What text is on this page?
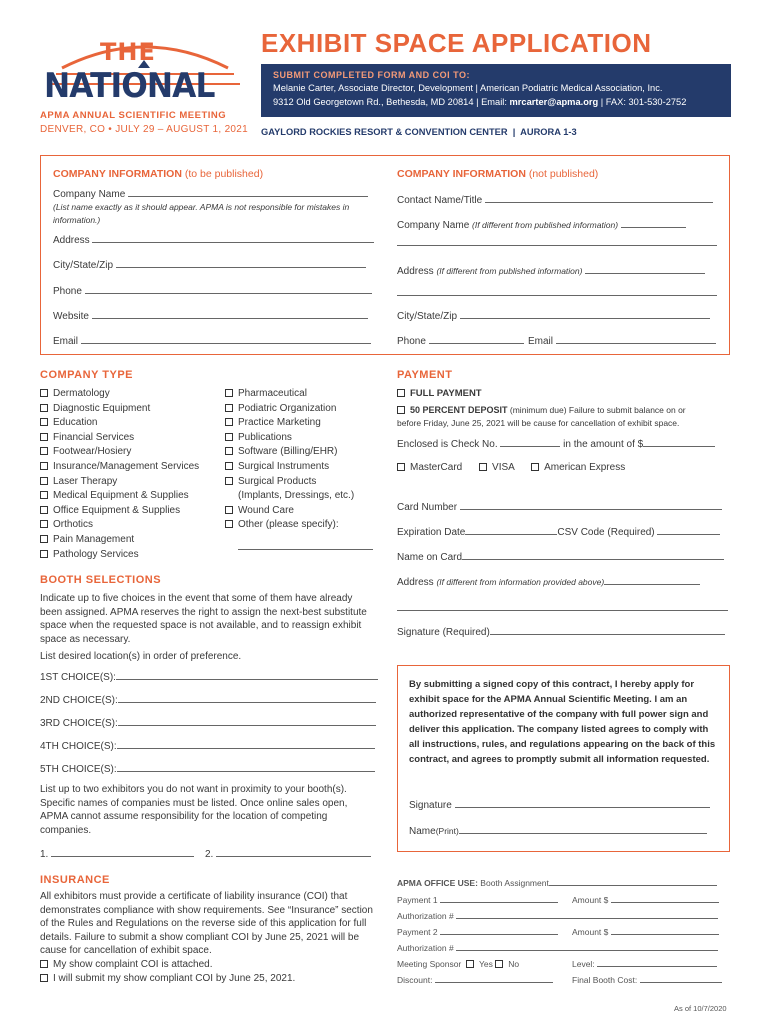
THE
NATIONAL
APMA ANNUAL SCIENTIFIC MEETING
DENVER, CO • JULY 29 – AUGUST 1, 2021
EXHIBIT SPACE APPLICATION
SUBMIT COMPLETED FORM AND COI TO:
Melanie Carter, Associate Director, Development | American Podiatric Medical Association, Inc.
9312 Old Georgetown Rd., Bethesda, MD 20814 | Email: mrcarter@apma.org | FAX: 301-530-2752
GAYLORD ROCKIES RESORT & CONVENTION CENTER  |  AURORA 1-3
COMPANY INFORMATION (to be published)
Company Name
(List name exactly as it should appear. APMA is not responsible for mistakes in information.)
Address
City/State/Zip
Phone
Website
Email
COMPANY INFORMATION (not published)
Contact Name/Title
Company Name (If different from published information)
Address (If different from published information)
City/State/Zip
Phone	Email
COMPANY TYPE
Dermatology
Diagnostic Equipment
Education
Financial Services
Footwear/Hosiery
Insurance/Management Services
Laser Therapy
Medical Equipment & Supplies
Office Equipment & Supplies
Orthotics
Pain Management
Pathology Services
Pharmaceutical
Podiatric Organization
Practice Marketing
Publications
Software (Billing/EHR)
Surgical Instruments
Surgical Products
(Implants, Dressings, etc.)
Wound Care
Other (please specify):
PAYMENT
FULL PAYMENT
50 PERCENT DEPOSIT (minimum due) Failure to submit balance on or
before Friday, June 25, 2021 will be cause for cancellation of exhibit space.
Enclosed is Check No.	in the amount of $
MasterCard	VISA	American Express
Card Number
Expiration Date	CSV Code (Required)
Name on Card
Address (If different from information provided above)
Signature (Required)
BOOTH SELECTIONS
Indicate up to five choices in the event that some of them have already been assigned. APMA reserves the right to assign the next-best substitute space when the requested space is not available, and to reassign exhibit space as necessary.
List desired location(s) in order of preference.
1ST CHOICE(S):
2ND CHOICE(S):
3RD CHOICE(S):
4TH CHOICE(S):
5TH CHOICE(S):
List up to two exhibitors you do not want in proximity to your booth(s). Specific names of companies must be listed. Once online sales open, APMA cannot assume responsibility for the location of competing companies.
1.	2.
By submitting a signed copy of this contract, I hereby apply for exhibit space for the APMA Annual Scientific Meeting. I am an authorized representative of the company with full power sign and deliver this application. The company listed agrees to comply with all instructions, rules, and regulations appearing on the back of this contract, and agrees to promptly submit all information requested.
Signature
Name(Print)
INSURANCE
All exhibitors must provide a certificate of liability insurance (COI) that demonstrates compliance with show requirements. See “Insurance” section of the Rules and Regulations on the reverse side of this application for full details. Failure to submit a show compliant COI by June 25, 2021 will be cause for cancellation of exhibit space.
My show complaint COI is attached.
I will submit my show compliant COI by June 25, 2021.
APMA OFFICE USE: Booth Assignment
Payment 1	Amount $
Authorization #
Payment 2	Amount $
Authorization #
Meeting Sponsor Yes No	Level:
Discount:	Final Booth Cost:
As of 10/7/2020
